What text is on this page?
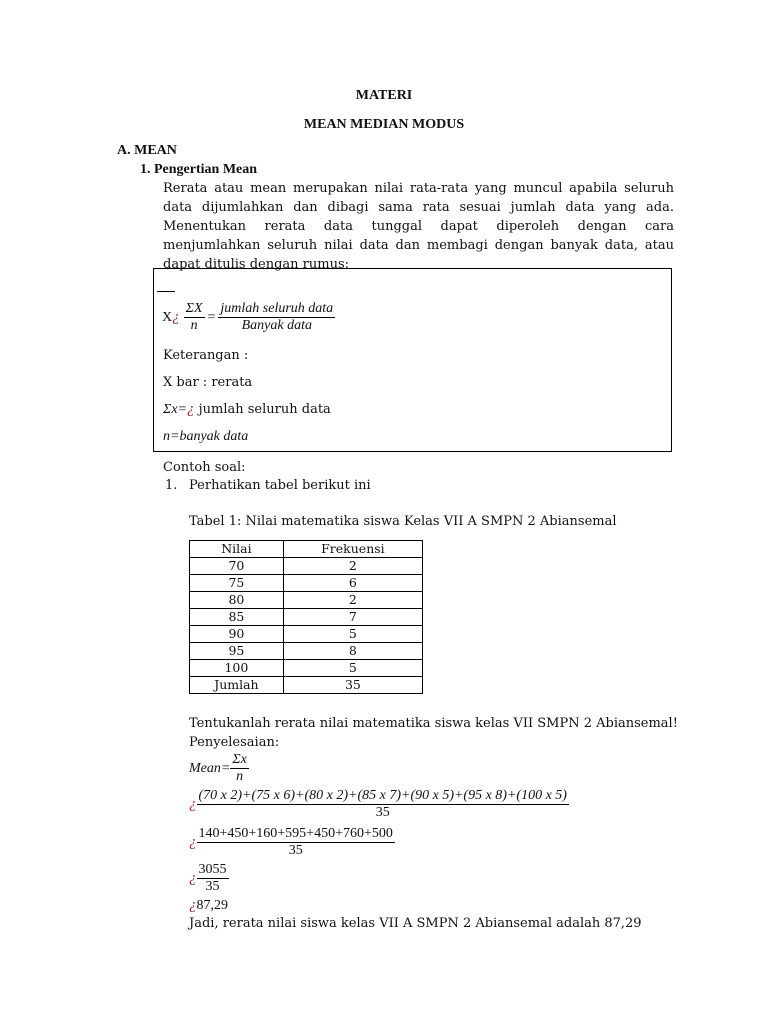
MATERI
MEAN MEDIAN MODUS
A. MEAN
1. Pengertian Mean
Rerata atau mean merupakan nilai rata-rata yang muncul apabila seluruh data dijumlahkan dan dibagi sama rata sesuai jumlah data yang ada. Menentukan rerata data tunggal dapat diperoleh dengan cara menjumlahkan seluruh nilai data dan membagi dengan banyak data, atau dapat ditulis dengan rumus:
X ¿ $\frac{\Sigma X}{n} = \frac{\text{jumlah seluruh data}}{\text{Banyak data}}$
Keterangan :
X bar : rerata
Σx=¿ jumlah seluruh data
n=banyak data
Contoh soal:
1. Perhatikan tabel berikut ini
Tabel 1: Nilai matematika siswa Kelas VII A SMPN 2 Abiansemal
Nilai	Frekuensi
70	2
75	6
80	2
85	7
90	5
95	8
100	5
Jumlah	35
Tentukanlah rerata nilai matematika siswa kelas VII SMPN 2 Abiansemal!
Penyelesaian:
Mean= $\frac{\Sigma x}{n}$
¿
(70 x 2)+(75 x 6)+(80 x 2)+(85 x 7)+(90 x 5)+(95 x 8)+(100 x 5)
35
¿ $\frac{140+450+160+595+450+760+500}{35}$
¿ $\frac{3055}{35}$
¿87,29
Jadi, rerata nilai siswa kelas VII A SMPN 2 Abiansemal adalah 87,29
